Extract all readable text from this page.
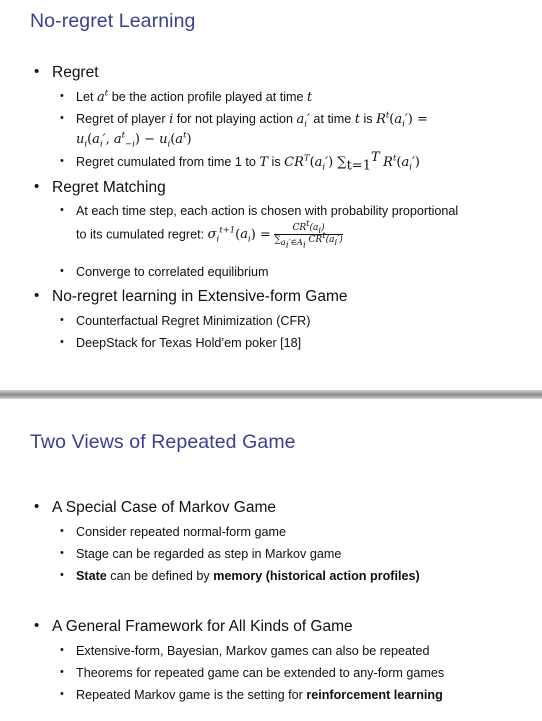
No-regret Learning
• Regret
• Let $a^t$ be the action profile played at time t
• Regret of player i for not playing action $a_i'$ at time t is $R^t(a_i')$ =
$u_i(a_i'$, $a^t_{-i}) - u_i(a^t)$
• Regret cumulated from time 1 to T is $CR^T(a_i')$ $\sum_{t=1}^T$ $R^t(a_i')$
• Regret Matching
• At each time step, each action is chosen with probability proportional
to its cumulated regret: $\sigma_i^{t+1}(a_i) = \frac{CR^t(a_i)}{\sum_{a_i'\in A_i} CR^t(a_i')}$
• Converge to correlated equilibrium
• No-regret learning in Extensive-form Game
• Counterfactual Regret Minimization (CFR)
• DeepStack for Texas Hold’em poker [18]
Two Views of Repeated Game
• A Special Case of Markov Game
• Consider repeated normal-form game
• Stage can be regarded as step in Markov game
• State can be defined by memory (historical action profiles)
• A General Framework for All Kinds of Game
• Extensive-form, Bayesian, Markov games can also be repeated
• Theorems for repeated game can be extended to any-form games
• Repeated Markov game is the setting for reinforcement learning
